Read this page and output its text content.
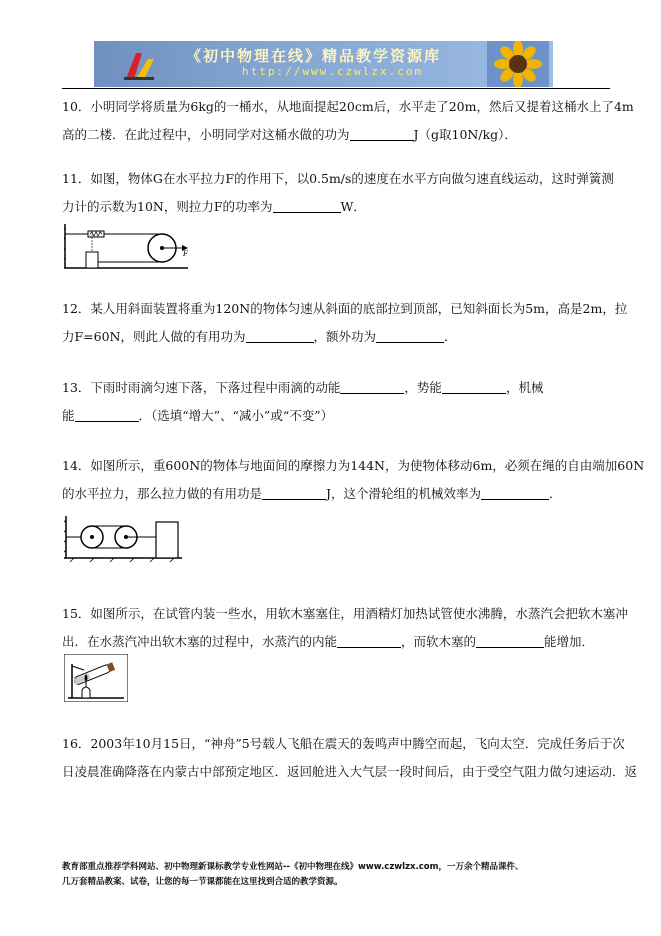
《初中物理在线》精品教学资源库
http://www.czwlzx.com

10．小明同学将质量为6kg的一桶水，从地面提起20cm后，水平走了20m，然后又提着这桶水上了4m

高的二楼．在此过程中，小明同学对这桶水做的功为	J（g取10N/kg）．

11．如图，物体G在水平拉力F的作用下，以0.5m/s的速度在水平方向做匀速直线运动，这时弹簧测

力计的示数为10N，则拉力F的功率为	W．

F

12．某人用斜面装置将重为120N的物体匀速从斜面的底部拉到顶部，已知斜面长为5m，高是2m，拉

力F=60N，则此人做的有用功为	，额外功为	．

13．下雨时雨滴匀速下落，下落过程中雨滴的动能	，势能	，机械

能	．（选填“增大”、“减小”或“不变”）

14．如图所示，重600N的物体与地面间的摩擦力为144N，为使物体移动6m，必须在绳的自由端加60N

的水平拉力，那么拉力做的有用功是	J，这个滑轮组的机械效率为	．

15．如图所示，在试管内装一些水，用软木塞塞住，用酒精灯加热试管使水沸腾，水蒸汽会把软木塞冲

出．在水蒸汽冲出软木塞的过程中，水蒸汽的内能	，而软木塞的	能增加．

16．2003年10月15日，“神舟”5号载人飞船在震天的轰鸣声中腾空而起，飞向太空．完成任务后于次

日凌晨准确降落在内蒙古中部预定地区．返回舱进入大气层一段时间后，由于受空气阻力做匀速运动．返

教育部重点推荐学科网站、初中物理新课标教学专业性网站--《初中物理在线》www.czwlzx.com，一万余个精品课件、

几万套精品教案、试卷，让您的每一节课都能在这里找到合适的教学资源。
